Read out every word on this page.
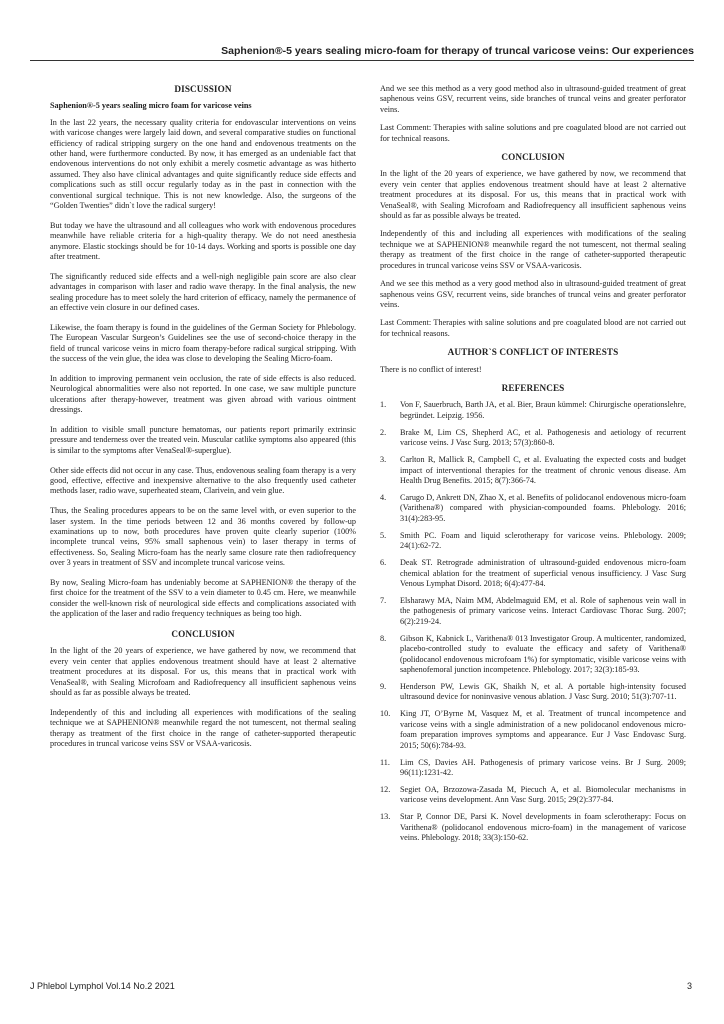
Saphenion®-5 years sealing micro-foam for therapy of truncal varicose veins: Our experiences
DISCUSSION
Saphenion®-5 years sealing micro foam for varicose veins

In the last 22 years, the necessary quality criteria for endovascular interventions on veins with varicose changes were largely laid down, and several comparative studies on functional efficiency of radical stripping surgery on the one hand and endovenous treatments on the other hand, were furthermore conducted. By now, it has emerged as an undeniable fact that endovenous interventions do not only exhibit a merely cosmetic advantage as was hitherto assumed. They also have clinical advantages and quite significantly reduce side effects and complications such as still occur regularly today as in the past in connection with the conventional surgical technique. This is not new knowledge. Also, the surgeons of the “Golden Twenties” didn`t love the radical surgery!

But today we have the ultrasound and all colleagues who work with endovenous procedures meanwhile have reliable criteria for a high-quality therapy. We do not need anesthesia anymore. Elastic stockings should be for 10-14 days. Working and sports is possible one day after treatment.

The significantly reduced side effects and a well-nigh negligible pain score are also clear advantages in comparison with laser and radio wave therapy. In the final analysis, the new sealing procedure has to meet solely the hard criterion of efficacy, namely the permanence of an effective vein closure in our defined cases.

Likewise, the foam therapy is found in the guidelines of the German Society for Phlebology. The European Vascular Surgeon’s Guidelines see the use of second-choice therapy in the field of truncal varicose veins in micro foam therapy-before radical surgical stripping. With the success of the vein glue, the idea was close to developing the Sealing Micro-foam.

In addition to improving permanent vein occlusion, the rate of side effects is also reduced. Neurological abnormalities were also not reported. In one case, we saw multiple puncture ulcerations after therapy-however, treatment was given abroad with various ointment dressings.

In addition to visible small puncture hematomas, our patients report primarily extrinsic pressure and tenderness over the treated vein. Muscular catlike symptoms also appeared (this is similar to the symptoms after VenaSeal®-superglue).

Other side effects did not occur in any case. Thus, endovenous sealing foam therapy is a very good, effective, effective and inexpensive alternative to the also frequently used catheter methods laser, radio wave, superheated steam, Clarivein, and vein glue.

Thus, the Sealing procedures appears to be on the same level with, or even superior to the laser system. In the time periods between 12 and 36 months covered by follow-up examinations up to now, both procedures have proven quite clearly superior (100% incomplete truncal veins, 95% small saphenous vein) to laser therapy in terms of effectiveness. So, Sealing Micro-foam has the nearly same closure rate then radiofrequency over 3 years in treatment of SSV and incomplete truncal varicose veins.

By now, Sealing Micro-foam has undeniably become at SAPHENION® the therapy of the first choice for the treatment of the SSV to a vein diameter to 0.45 cm. Here, we meanwhile consider the well-known risk of neurological side effects and complications associated with the application of the laser and radio frequency techniques as being too high.

CONCLUSION

In the light of the 20 years of experience, we have gathered by now, we recommend that every vein center that applies endovenous treatment should have at least 2 alternative treatment procedures at its disposal. For us, this means that in practical work with VenaSeal®, with Sealing Microfoam and Radiofrequency all insufficient saphenous veins should as far as possible always be treated.

Independently of this and including all experiences with modifications of the sealing technique we at SAPHENION® meanwhile regard the not tumescent, not thermal sealing therapy as treatment of the first choice in the range of catheter-supported therapeutic procedures in truncal varicose veins SSV or VSAA-varicosis.

And we see this method as a very good method also in ultrasound-guided treatment of great saphenous veins GSV, recurrent veins, side branches of truncal veins and greater perforator veins.

Last Comment: Therapies with saline solutions and pre coagulated blood are not carried out for technical reasons.

CONCLUSION

In the light of the 20 years of experience, we have gathered by now, we recommend that every vein center that applies endovenous treatment should have at least 2 alternative treatment procedures at its disposal. For us, this means that in practical work with VenaSeal®, with Sealing Microfoam and Radiofrequency all insufficient saphenous veins should as far as possible always be treated.

Independently of this and including all experiences with modifications of the sealing technique we at SAPHENION® meanwhile regard the not tumescent, not thermal sealing therapy as treatment of the first choice in the range of catheter-supported therapeutic procedures in truncal varicose veins SSV or VSAA-varicosis.

And we see this method as a very good method also in ultrasound-guided treatment of great saphenous veins GSV, recurrent veins, side branches of truncal veins and greater perforator veins.

Last Comment: Therapies with saline solutions and pre coagulated blood are not carried out for technical reasons.

AUTHOR`S CONFLICT OF INTERESTS

There is no conflict of interest!

REFERENCES
1.	Von F, Sauerbruch, Barth JA, et al. Bier, Braun kümmel: Chirurgische operationslehre, begründet. Leipzig. 1956.
2.	Brake M, Lim CS, Shepherd AC, et al. Pathogenesis and aetiology of recurrent varicose veins. J Vasc Surg. 2013; 57(3):860-8.
3.	Carlton R, Mallick R, Campbell C, et al. Evaluating the expected costs and budget impact of interventional therapies for the treatment of chronic venous disease. Am Health Drug Benefits. 2015; 8(7):366-74.
4.	Carugo D, Ankrett DN, Zhao X, et al. Benefits of polidocanol endovenous micro-foam (Varithena®) compared with physician-compounded foams. Phlebology. 2016; 31(4):283-95.
5.	Smith PC. Foam and liquid sclerotherapy for varicose veins. Phlebology. 2009; 24(1):62-72.
6.	Deak ST. Retrograde administration of ultrasound-guided endovenous micro-foam chemical ablation for the treatment of superficial venous insufficiency. J Vasc Surg Venous Lymphat Disord. 2018; 6(4):477-84.
7.	Elsharawy MA, Naim MM, Abdelmaguid EM, et al. Role of saphenous vein wall in the pathogenesis of primary varicose veins. Interact Cardiovasc Thorac Surg. 2007; 6(2):219-24.
8.	Gibson K, Kabnick L, Varithena® 013 Investigator Group. A multicenter, randomized, placebo-controlled study to evaluate the efficacy and safety of Varithena® (polidocanol endovenous microfoam 1%) for symptomatic, visible varicose veins with saphenofemoral junction incompetence. Phlebology. 2017; 32(3):185-93.
9.	Henderson PW, Lewis GK, Shaikh N, et al. A portable high-intensity focused ultrasound device for noninvasive venous ablation. J Vasc Surg. 2010; 51(3):707-11.
10.	King JT, O’Byrne M, Vasquez M, et al. Treatment of truncal incompetence and varicose veins with a single administration of a new polidocanol endovenous micro-foam preparation improves symptoms and appearance. Eur J Vasc Endovasc Surg. 2015; 50(6):784-93.
11.	Lim CS, Davies AH. Pathogenesis of primary varicose veins. Br J Surg. 2009; 96(11):1231-42.
12.	Segiet OA, Brzozowa-Zasada M, Piecuch A, et al. Biomolecular mechanisms in varicose veins development. Ann Vasc Surg. 2015; 29(2):377-84.
13.	Star P, Connor DE, Parsi K. Novel developments in foam sclerotherapy: Focus on Varithena® (polidocanol endovenous micro-foam) in the management of varicose veins. Phlebology. 2018; 33(3):150-62.
J Phlebol Lymphol Vol.14 No.2 2021	3
